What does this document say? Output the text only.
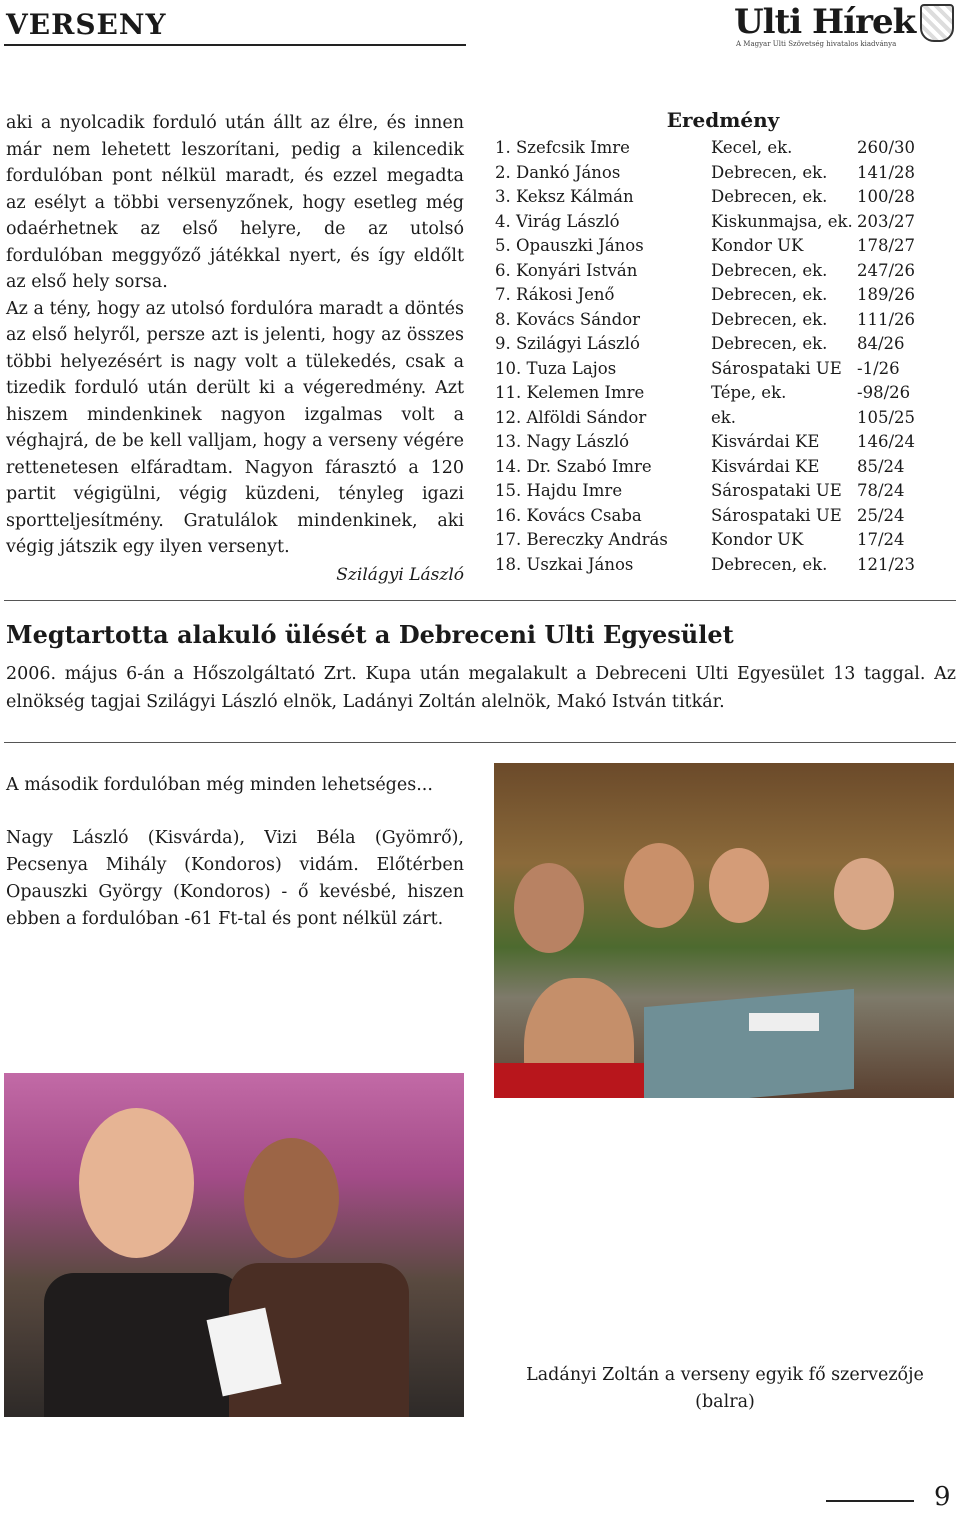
VERSENY	Ulti Hírek
A Magyar Ulti Szövetség hivatalos kiadványa

aki a nyolcadik forduló után állt az élre, és innen már nem lehetett leszorítani, pedig a kilencedik fordulóban pont nélkül maradt, és ezzel megadta az esélyt a többi versenyzőnek, hogy esetleg még odaérhetnek az első helyre, de az utolsó fordulóban meggyőző játékkal nyert, és így eldőlt az első hely sorsa.

Az a tény, hogy az utolsó fordulóra maradt a döntés az első helyről, persze azt is jelenti, hogy az összes többi helyezésért is nagy volt a tülekedés, csak a tizedik forduló után derült ki a végeredmény. Azt hiszem mindenkinek nagyon izgalmas volt a véghajrá, de be kell valljam, hogy a verseny végére rettenetesen elfáradtam. Nagyon fárasztó a 120 partit végigülni, végig küzdeni, tényleg igazi sportteljesítmény. Gratulálok mindenkinek, aki végig játszik egy ilyen versenyt.

Szilágyi László
Eredmény
1. Szefcsik Imre	Kecel, ek.	260/30
2. Dankó János	Debrecen, ek. 141/28
3. Keksz Kálmán	Debrecen, ek. 100/28
4. Virág László	Kiskunmajsa, ek. 203/27
5. Opauszki János	Kondor UK	178/27
6. Konyári István	Debrecen, ek. 247/26
7. Rákosi Jenő	Debrecen, ek. 189/26
8. Kovács Sándor	Debrecen, ek. 111/26
9. Szilágyi László	Debrecen, ek. 84/26
10. Tuza Lajos	Sárospataki UE -1/26
11. Kelemen Imre	Tépe, ek.	-98/26
12. Alföldi Sándor	ek.	105/25
13. Nagy László	Kisvárdai KE 146/24
14. Dr. Szabó Imre	Kisvárdai KE 85/24
15. Hajdu Imre	Sárospataki UE 78/24
16. Kovács Csaba	Sárospataki UE 25/24
17. Bereczky András	Kondor UK	17/24
18. Uszkai János	Debrecen, ek. 121/23
Megtartotta alakuló ülését a Debreceni Ulti Egyesület
2006. május 6-án a Hőszolgáltató Zrt. Kupa után megalakult a Debreceni Ulti Egyesület 13 taggal. Az elnökség tagjai Szilágyi László elnök, Ladányi Zoltán alelnök, Makó István titkár.
A második fordulóban még minden lehetséges...
Nagy László (Kisvárda), Vizi Béla (Gyömrő), Pecsenya Mihály (Kondoros) vidám. Előtérben Opauszki György (Kondoros) - ő kevésbé, hiszen ebben a fordulóban -61 Ft-tal és pont nélkül zárt.
Ladányi Zoltán a verseny egyik fő szervezője (balra)
9
